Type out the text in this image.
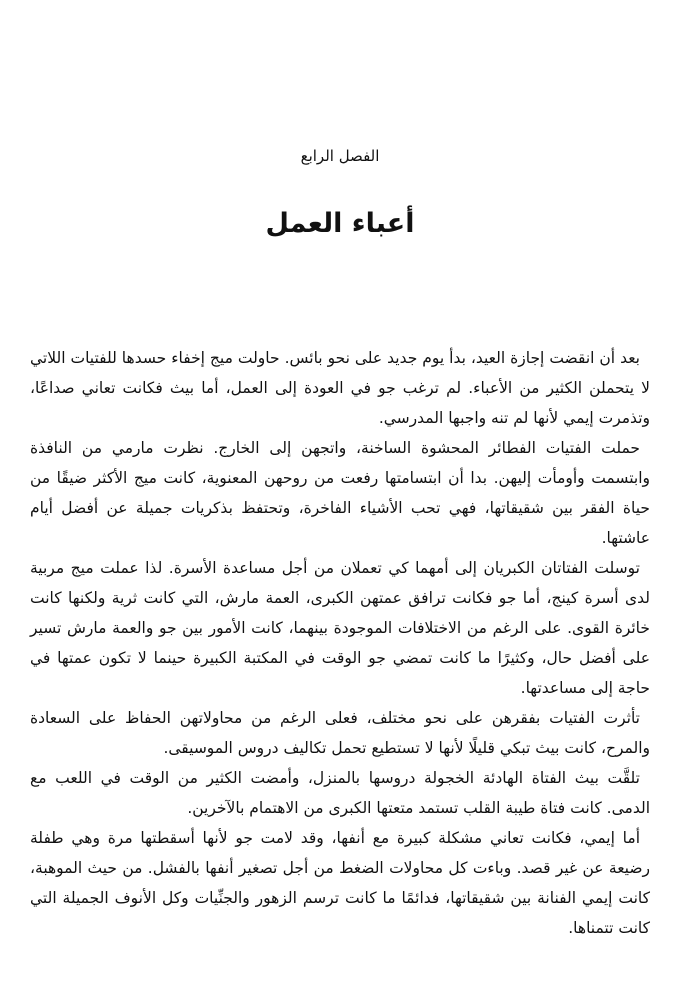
الفصل الرابع
أعباء العمل

بعد أن انقضت إجازة العيد، بدأ يوم جديد على نحو بائس. حاولت ميج إخفاء حسدها للفتيات اللاتي لا يتحملن الكثير من الأعباء. لم ترغب جو في العودة إلى العمل، أما بيث فكانت تعاني صداعًا، وتذمرت إيمي لأنها لم تنه واجبها المدرسي.

حملت الفتيات الفطائر المحشوة الساخنة، واتجهن إلى الخارج. نظرت مارمي من النافذة وابتسمت وأومأت إليهن. بدا أن ابتسامتها رفعت من روحهن المعنوية، كانت ميج الأكثر ضيقًا من حياة الفقر بين شقيقاتها، فهي تحب الأشياء الفاخرة، وتحتفظ بذكريات جميلة عن أفضل أيام عاشتها.

توسلت الفتاتان الكبريان إلى أمهما كي تعملان من أجل مساعدة الأسرة. لذا عملت ميج مربية لدى أسرة كينج، أما جو فكانت ترافق عمتهن الكبرى، العمة مارش، التي كانت ثرية ولكنها كانت خائرة القوى. على الرغم من الاختلافات الموجودة بينهما، كانت الأمور بين جو والعمة مارش تسير على أفضل حال، وكثيرًا ما كانت تمضي جو الوقت في المكتبة الكبيرة حينما لا تكون عمتها في حاجة إلى مساعدتها.

تأثرت الفتيات بفقرهن على نحو مختلف، فعلى الرغم من محاولاتهن الحفاظ على السعادة والمرح، كانت بيث تبكي قليلًا لأنها لا تستطيع تحمل تكاليف دروس الموسيقى.

تلقَّت بيث الفتاة الهادئة الخجولة دروسها بالمنزل، وأمضت الكثير من الوقت في اللعب مع الدمى. كانت فتاة طيبة القلب تستمد متعتها الكبرى من الاهتمام بالآخرين.

أما إيمي، فكانت تعاني مشكلة كبيرة مع أنفها، وقد لامت جو لأنها أسقطتها مرة وهي طفلة رضيعة عن غير قصد. وباءت كل محاولات الضغط من أجل تصغير أنفها بالفشل. من حيث الموهبة، كانت إيمي الفنانة بين شقيقاتها، فدائمًا ما كانت ترسم الزهور والجنِّيات وكل الأنوف الجميلة التي كانت تتمناها.
